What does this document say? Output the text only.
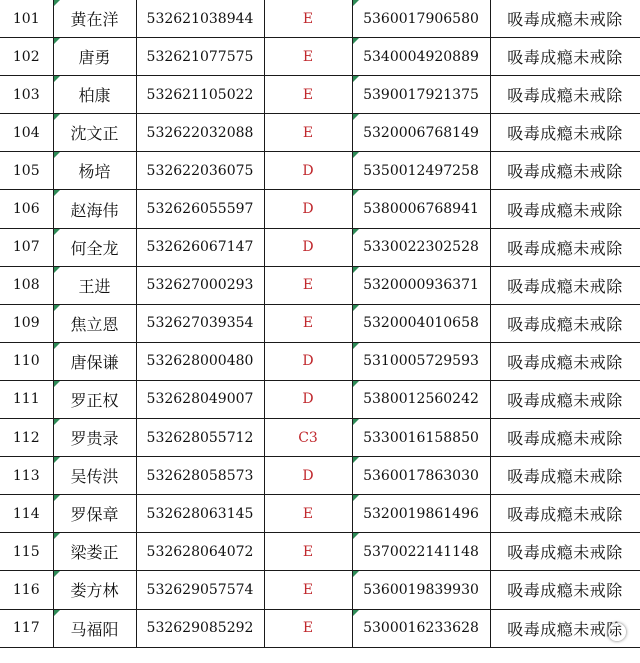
101	黄在洋	532621038944	E	5360017906580	吸毒成瘾未戒除
102	唐勇	532621077575	E	5340004920889	吸毒成瘾未戒除
103	柏康	532621105022	E	5390017921375	吸毒成瘾未戒除
104	沈文正	532622032088	E	5320006768149	吸毒成瘾未戒除
105	杨培	532622036075	D	5350012497258	吸毒成瘾未戒除
106	赵海伟	532626055597	D	5380006768941	吸毒成瘾未戒除
107	何全龙	532626067147	D	5330022302528	吸毒成瘾未戒除
108	王进	532627000293	E	5320000936371	吸毒成瘾未戒除
109	焦立恩	532627039354	E	5320004010658	吸毒成瘾未戒除
110	唐保谦	532628000480	D	5310005729593	吸毒成瘾未戒除
111	罗正权	532628049007	D	5380012560242	吸毒成瘾未戒除
112	罗贵录	532628055712	C3	5330016158850	吸毒成瘾未戒除
113	吴传洪	532628058573	D	5360017863030	吸毒成瘾未戒除
114	罗保章	532628063145	E	5320019861496	吸毒成瘾未戒除
115	梁娄正	532628064072	E	5370022141148	吸毒成瘾未戒除
116	娄方林	532629057574	E	5360019839930	吸毒成瘾未戒除
117	马福阳	532629085292	E	5300016233628	吸毒成瘾未戒除
